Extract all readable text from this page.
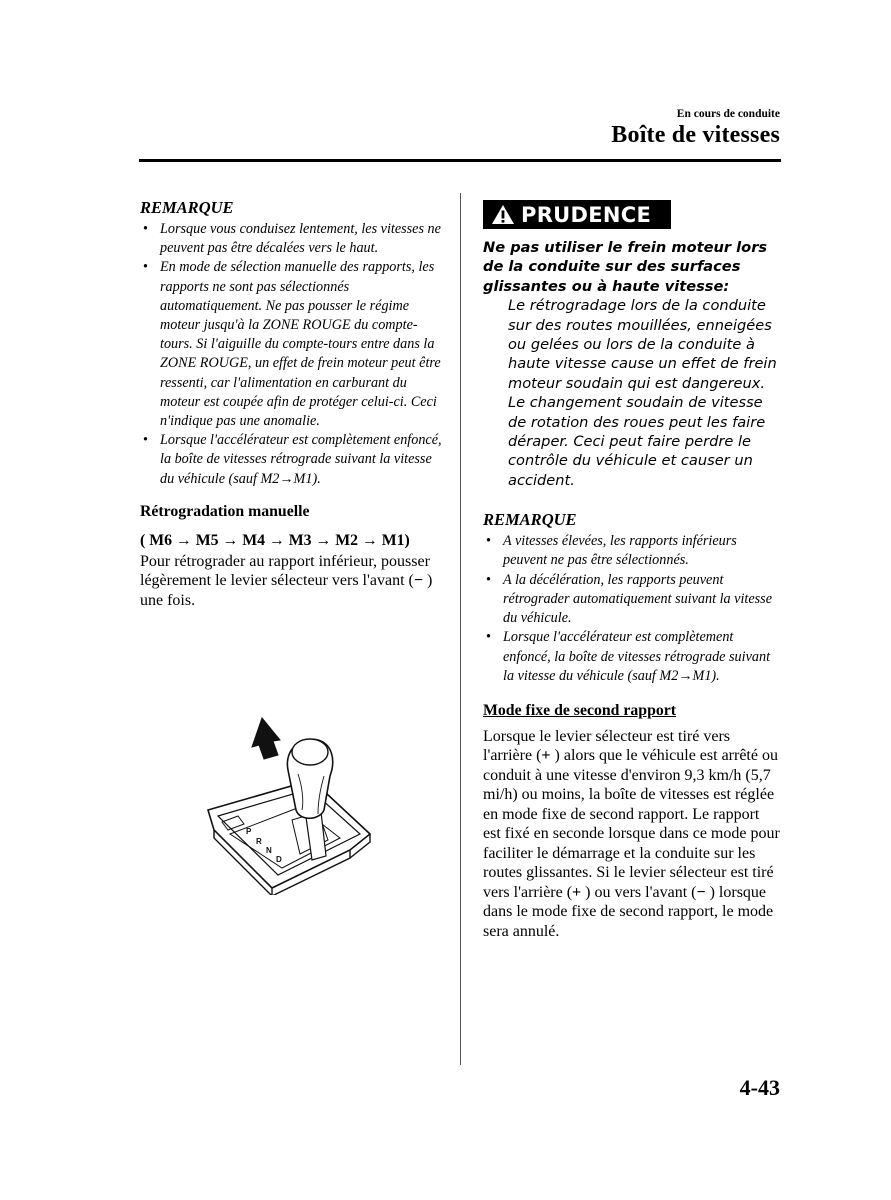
En cours de conduite
Boîte de vitesses

REMARQUE

• Lorsque vous conduisez lentement, les vitesses ne peuvent pas être décalées vers le haut.
• En mode de sélection manuelle des rapports, les rapports ne sont pas sélectionnés automatiquement. Ne pas pousser le régime moteur jusqu'à la ZONE ROUGE du compte-tours. Si l'aiguille du compte-tours entre dans la ZONE ROUGE, un effet de frein moteur peut être ressenti, car l'alimentation en carburant du moteur est coupée afin de protéger celui-ci. Ceci n'indique pas une anomalie.
• Lorsque l'accélérateur est complètement enfoncé, la boîte de vitesses rétrograde suivant la vitesse du véhicule (sauf M2→M1).

Rétrogradation manuelle

( M6 → M5 → M4 → M3 → M2 → M1)

Pour rétrograder au rapport inférieur, pousser légèrement le levier sélecteur vers l'avant (− ) une fois.

P
R
N
D
PRUDENCE

Ne pas utiliser le frein moteur lors de la conduite sur des surfaces glissantes ou à haute vitesse:

Le rétrogradage lors de la conduite sur des routes mouillées, enneigées ou gelées ou lors de la conduite à haute vitesse cause un effet de frein moteur soudain qui est dangereux. Le changement soudain de vitesse de rotation des roues peut les faire déraper. Ceci peut faire perdre le contrôle du véhicule et causer un accident.

REMARQUE

• A vitesses élevées, les rapports inférieurs peuvent ne pas être sélectionnés.
• A la décélération, les rapports peuvent rétrograder automatiquement suivant la vitesse du véhicule.
• Lorsque l'accélérateur est complètement enfoncé, la boîte de vitesses rétrograde suivant la vitesse du véhicule (sauf M2→M1).

Mode fixe de second rapport

Lorsque le levier sélecteur est tiré vers l'arrière (+ ) alors que le véhicule est arrêté ou conduit à une vitesse d'environ 9,3 km/h (5,7 mi/h) ou moins, la boîte de vitesses est réglée en mode fixe de second rapport. Le rapport est fixé en seconde lorsque dans ce mode pour faciliter le démarrage et la conduite sur les routes glissantes. Si le levier sélecteur est tiré vers l'arrière (+ ) ou vers l'avant (− ) lorsque dans le mode fixe de second rapport, le mode sera annulé.

4-43
